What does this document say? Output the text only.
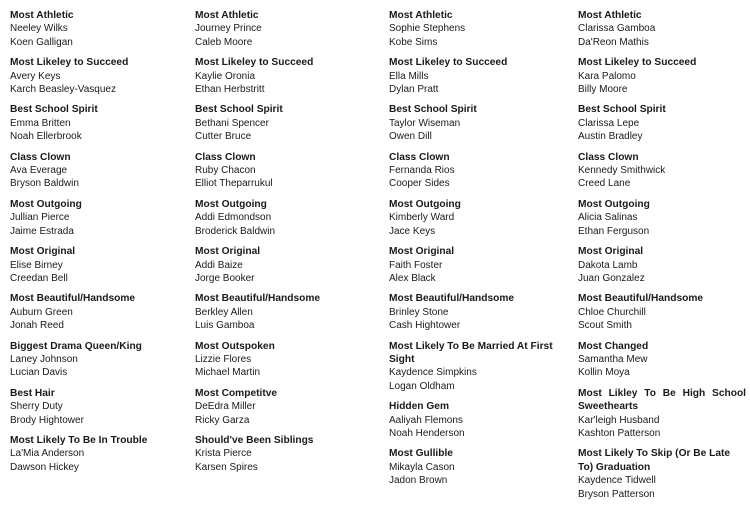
Most Athletic
Neeley Wilks
Koen Galligan
Most Likeley to Succeed
Avery Keys
Karch Beasley-Vasquez
Best School Spirit
Emma Britten
Noah Ellerbrook
Class Clown
Ava Everage
Bryson Baldwin
Most Outgoing
Jullian Pierce
Jaime Estrada
Most Original
Elise Birney
Creedan Bell
Most Beautiful/Handsome
Auburn Green
Jonah Reed
Biggest Drama Queen/King
Laney Johnson
Lucian Davis
Best Hair
Sherry Duty
Brody Hightower
Most Likely To Be In Trouble
La'Mia Anderson
Dawson Hickey
Most Athletic
Journey Prince
Caleb Moore
Most Likeley to Succeed
Kaylie Oronia
Ethan Herbstritt
Best School Spirit
Bethani Spencer
Cutter Bruce
Class Clown
Ruby Chacon
Elliot Theparrukul
Most Outgoing
Addi Edmondson
Broderick Baldwin
Most Original
Addi Baize
Jorge Booker
Most Beautiful/Handsome
Berkley Allen
Luis Gamboa
Most Outspoken
Lizzie Flores
Michael Martin
Most Competitve
DeEdra Miller
Ricky Garza
Should've Been Siblings
Krista Pierce
Karsen Spires
Most Athletic
Sophie Stephens
Kobe Sims
Most Likeley to Succeed
Ella Mills
Dylan Pratt
Best School Spirit
Taylor Wiseman
Owen Dill
Class Clown
Fernanda Rios
Cooper Sides
Most Outgoing
Kimberly Ward
Jace Keys
Most Original
Faith Foster
Alex Black
Most Beautiful/Handsome
Brinley Stone
Cash Hightower
Most Likely To Be Married At First Sight
Kaydence Simpkins
Logan Oldham
Hidden Gem
Aaliyah Flemons
Noah Henderson
Most Gullible
Mikayla Cason
Jadon Brown
Most Athletic
Clarissa Gamboa
Da'Reon Mathis
Most Likeley to Succeed
Kara Palomo
Billy Moore
Best School Spirit
Clarissa Lepe
Austin Bradley
Class Clown
Kennedy Smithwick
Creed Lane
Most Outgoing
Alicia Salinas
Ethan Ferguson
Most Original
Dakota Lamb
Juan Gonzalez
Most Beautiful/Handsome
Chloe Churchill
Scout Smith
Most Changed
Samantha Mew
Kollin Moya
Most Likley To Be High School Sweethearts
Kar'leigh Husband
Kashton Patterson
Most Likely To Skip (Or Be Late To) Graduation
Kaydence Tidwell
Bryson Patterson
